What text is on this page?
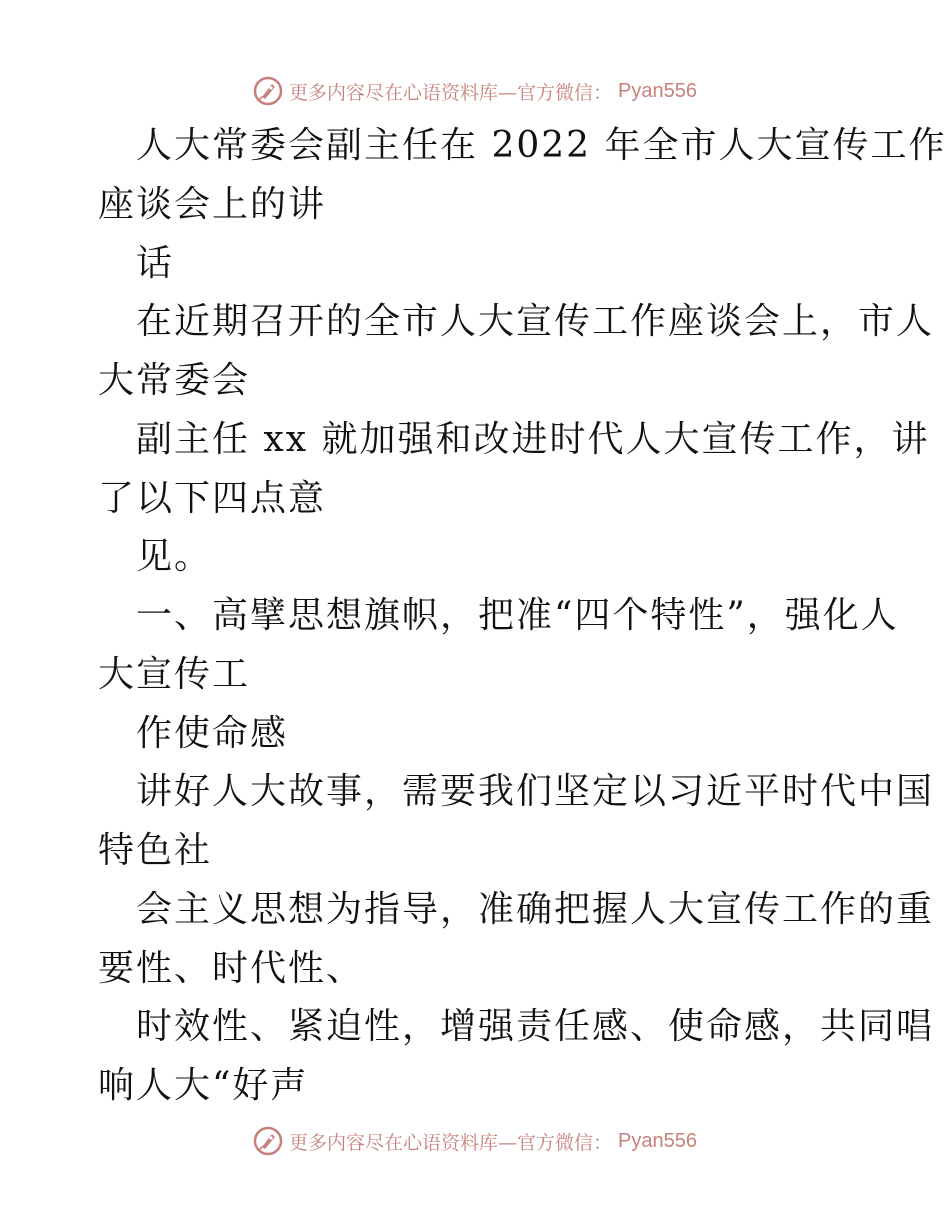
更多内容尽在心语资料库—官方微信： Pyan556
人大常委会副主任在 2022 年全市人大宣传工作
座谈会上的讲
话
在近期召开的全市人大宣传工作座谈会上，市人
大常委会
副主任 xx 就加强和改进时代人大宣传工作，讲
了以下四点意
见。
一、高擘思想旗帜，把准“四个特性”，强化人
大宣传工
作使命感
讲好人大故事，需要我们坚定以习近平时代中国
特色社
会主义思想为指导，准确把握人大宣传工作的重
要性、时代性、
时效性、紧迫性，增强责任感、使命感，共同唱
响人大“好声
更多内容尽在心语资料库—官方微信： Pyan556
